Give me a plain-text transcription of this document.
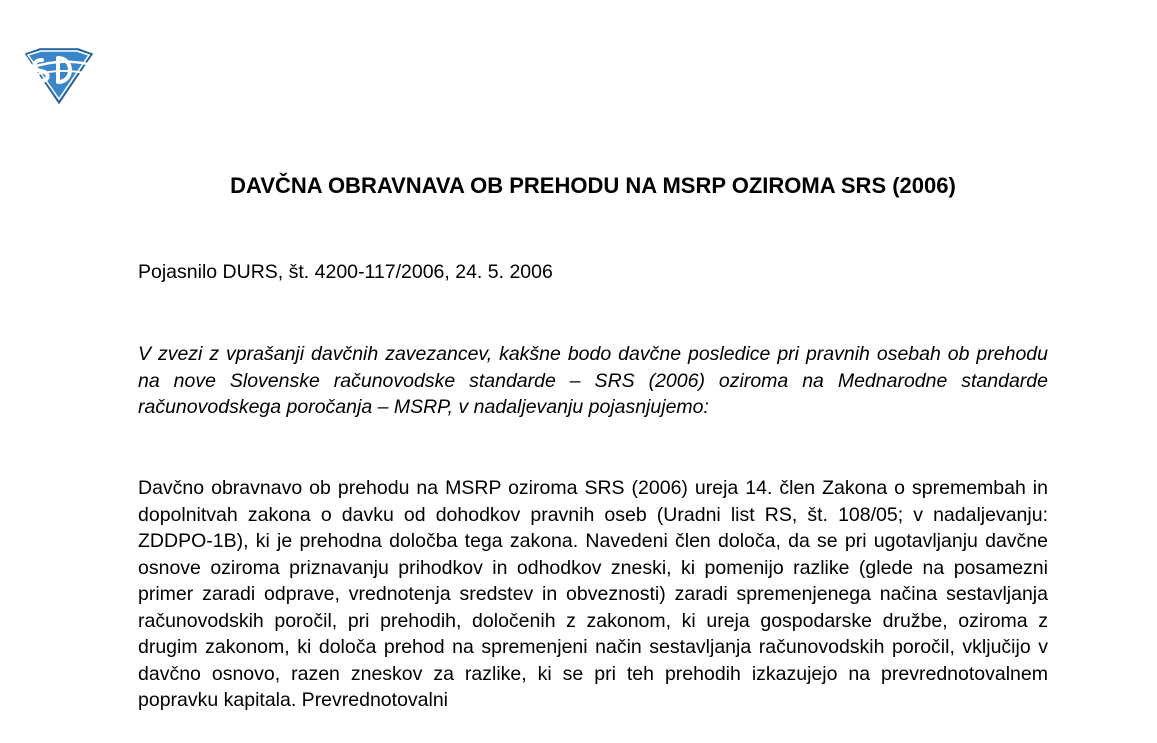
DAVČNA OBRAVNAVA OB PREHODU NA MSRP OZIROMA SRS (2006)

Pojasnilo DURS, št. 4200-117/2006, 24. 5. 2006

V zvezi z vprašanji davčnih zavezancev, kakšne bodo davčne posledice pri pravnih osebah ob prehodu na nove Slovenske računovodske standarde – SRS (2006) oziroma na Mednarodne standarde računovodskega poročanja – MSRP, v nadaljevanju pojasnjujemo:

Davčno obravnavo ob prehodu na MSRP oziroma SRS (2006) ureja 14. člen Zakona o spremembah in dopolnitvah zakona o davku od dohodkov pravnih oseb (Uradni list RS, št. 108/05; v nadaljevanju: ZDDPO-1B), ki je prehodna določba tega zakona. Navedeni člen določa, da se pri ugotavljanju davčne osnove oziroma priznavanju prihodkov in odhodkov zneski, ki pomenijo razlike (glede na posamezni primer zaradi odprave, vrednotenja sredstev in obveznosti) zaradi spremenjenega načina sestavljanja računovodskih poročil, pri prehodih, določenih z zakonom, ki ureja gospodarske družbe, oziroma z drugim zakonom, ki določa prehod na spremenjeni način sestavljanja računovodskih poročil, vključijo v davčno osnovo, razen zneskov za razlike, ki se pri teh prehodih izkazujejo na prevrednotovalnem popravku kapitala. Prevrednotovalni
